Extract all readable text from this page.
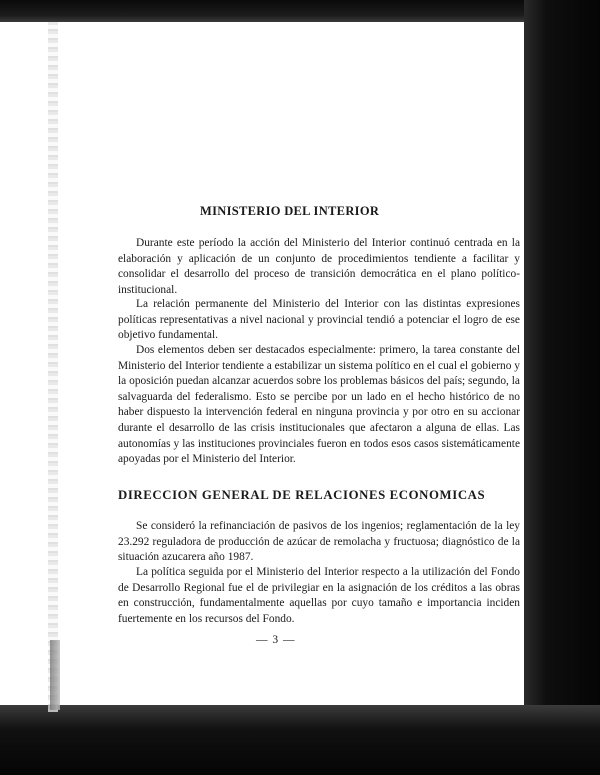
MINISTERIO DEL INTERIOR

Durante este período la acción del Ministerio del Interior continuó centrada en la elaboración y aplicación de un conjunto de procedimientos tendiente a facilitar y consolidar el desarrollo del proceso de transición democrática en el plano político-institucional.

La relación permanente del Ministerio del Interior con las distintas expresiones políticas representativas a nivel nacional y provincial tendió a potenciar el logro de ese objetivo fundamental.

Dos elementos deben ser destacados especialmente: primero, la tarea constante del Ministerio del Interior tendiente a estabilizar un sistema político en el cual el gobierno y la oposición puedan alcanzar acuerdos sobre los problemas básicos del país; segundo, la salvaguarda del federalismo. Esto se percibe por un lado en el hecho histórico de no haber dispuesto la intervención federal en ninguna provincia y por otro en su accionar durante el desarrollo de las crisis institucionales que afectaron a alguna de ellas. Las autonomías y las instituciones provinciales fueron en todos esos casos sistemáticamente apoyadas por el Ministerio del Interior.

DIRECCION GENERAL DE RELACIONES ECONOMICAS

Se consideró la refinanciación de pasivos de los ingenios; reglamentación de la ley 23.292 reguladora de producción de azúcar de remolacha y fructuosa; diagnóstico de la situación azucarera año 1987.

La política seguida por el Ministerio del Interior respecto a la utilización del Fondo de Desarrollo Regional fue el de privilegiar en la asignación de los créditos a las obras en construcción, fundamentalmente aquellas por cuyo tamaño e importancia inciden fuertemente en los recursos del Fondo.

— 3 —
